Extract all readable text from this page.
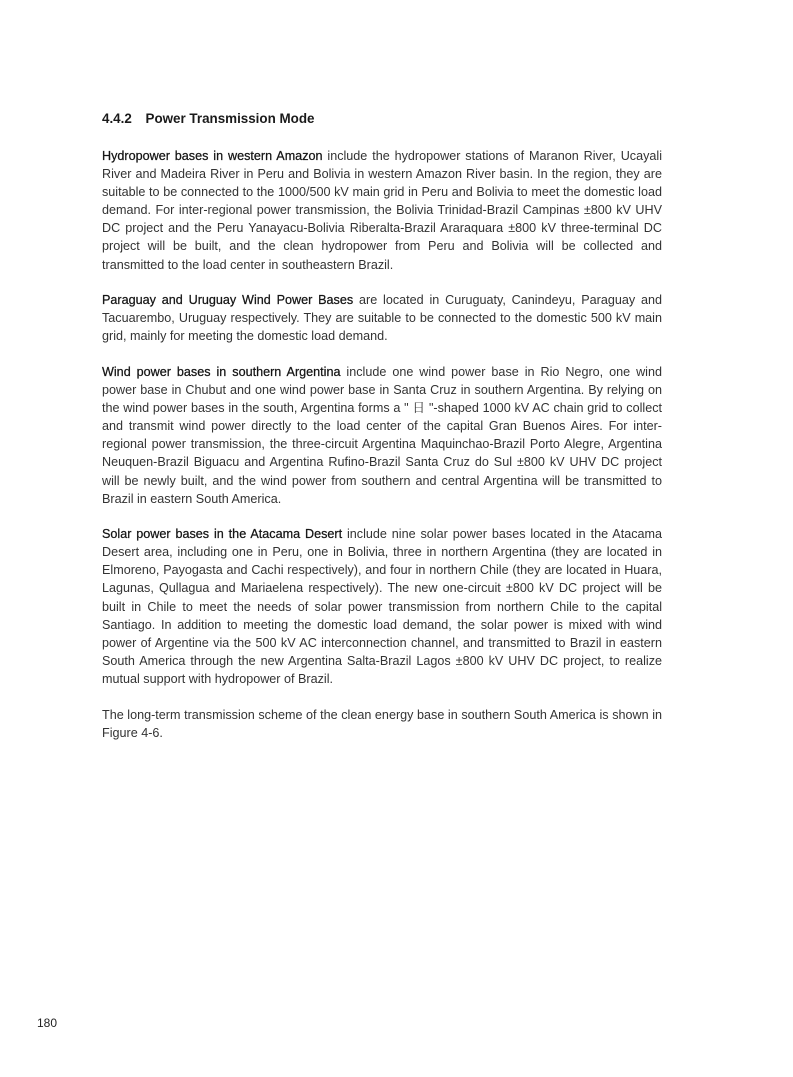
4.4.2 Power Transmission Mode

Hydropower bases in western Amazon include the hydropower stations of Maranon River, Ucayali River and Madeira River in Peru and Bolivia in western Amazon River basin. In the region, they are suitable to be connected to the 1000/500 kV main grid in Peru and Bolivia to meet the domestic load demand. For inter-regional power transmission, the Bolivia Trinidad-Brazil Campinas ±800 kV UHV DC project and the Peru Yanayacu-Bolivia Riberalta-Brazil Araraquara ±800 kV three-terminal DC project will be built, and the clean hydropower from Peru and Bolivia will be collected and transmitted to the load center in southeastern Brazil.

Paraguay and Uruguay Wind Power Bases are located in Curuguaty, Canindeyu, Paraguay and Tacuarembo, Uruguay respectively. They are suitable to be connected to the domestic 500 kV main grid, mainly for meeting the domestic load demand.

Wind power bases in southern Argentina include one wind power base in Rio Negro, one wind power base in Chubut and one wind power base in Santa Cruz in southern Argentina. By relying on the wind power bases in the south, Argentina forms a " 日 "-shaped 1000 kV AC chain grid to collect and transmit wind power directly to the load center of the capital Gran Buenos Aires. For inter-regional power transmission, the three-circuit Argentina Maquinchao-Brazil Porto Alegre, Argentina Neuquen-Brazil Biguacu and Argentina Rufino-Brazil Santa Cruz do Sul ±800 kV UHV DC project will be newly built, and the wind power from southern and central Argentina will be transmitted to Brazil in eastern South America.

Solar power bases in the Atacama Desert include nine solar power bases located in the Atacama Desert area, including one in Peru, one in Bolivia, three in northern Argentina (they are located in Elmoreno, Payogasta and Cachi respectively), and four in northern Chile (they are located in Huara, Lagunas, Qullagua and Mariaelena respectively). The new one-circuit ±800 kV DC project will be built in Chile to meet the needs of solar power transmission from northern Chile to the capital Santiago. In addition to meeting the domestic load demand, the solar power is mixed with wind power of Argentine via the 500 kV AC interconnection channel, and transmitted to Brazil in eastern South America through the new Argentina Salta-Brazil Lagos ±800 kV UHV DC project, to realize mutual support with hydropower of Brazil.

The long-term transmission scheme of the clean energy base in southern South America is shown in Figure 4-6.

180
